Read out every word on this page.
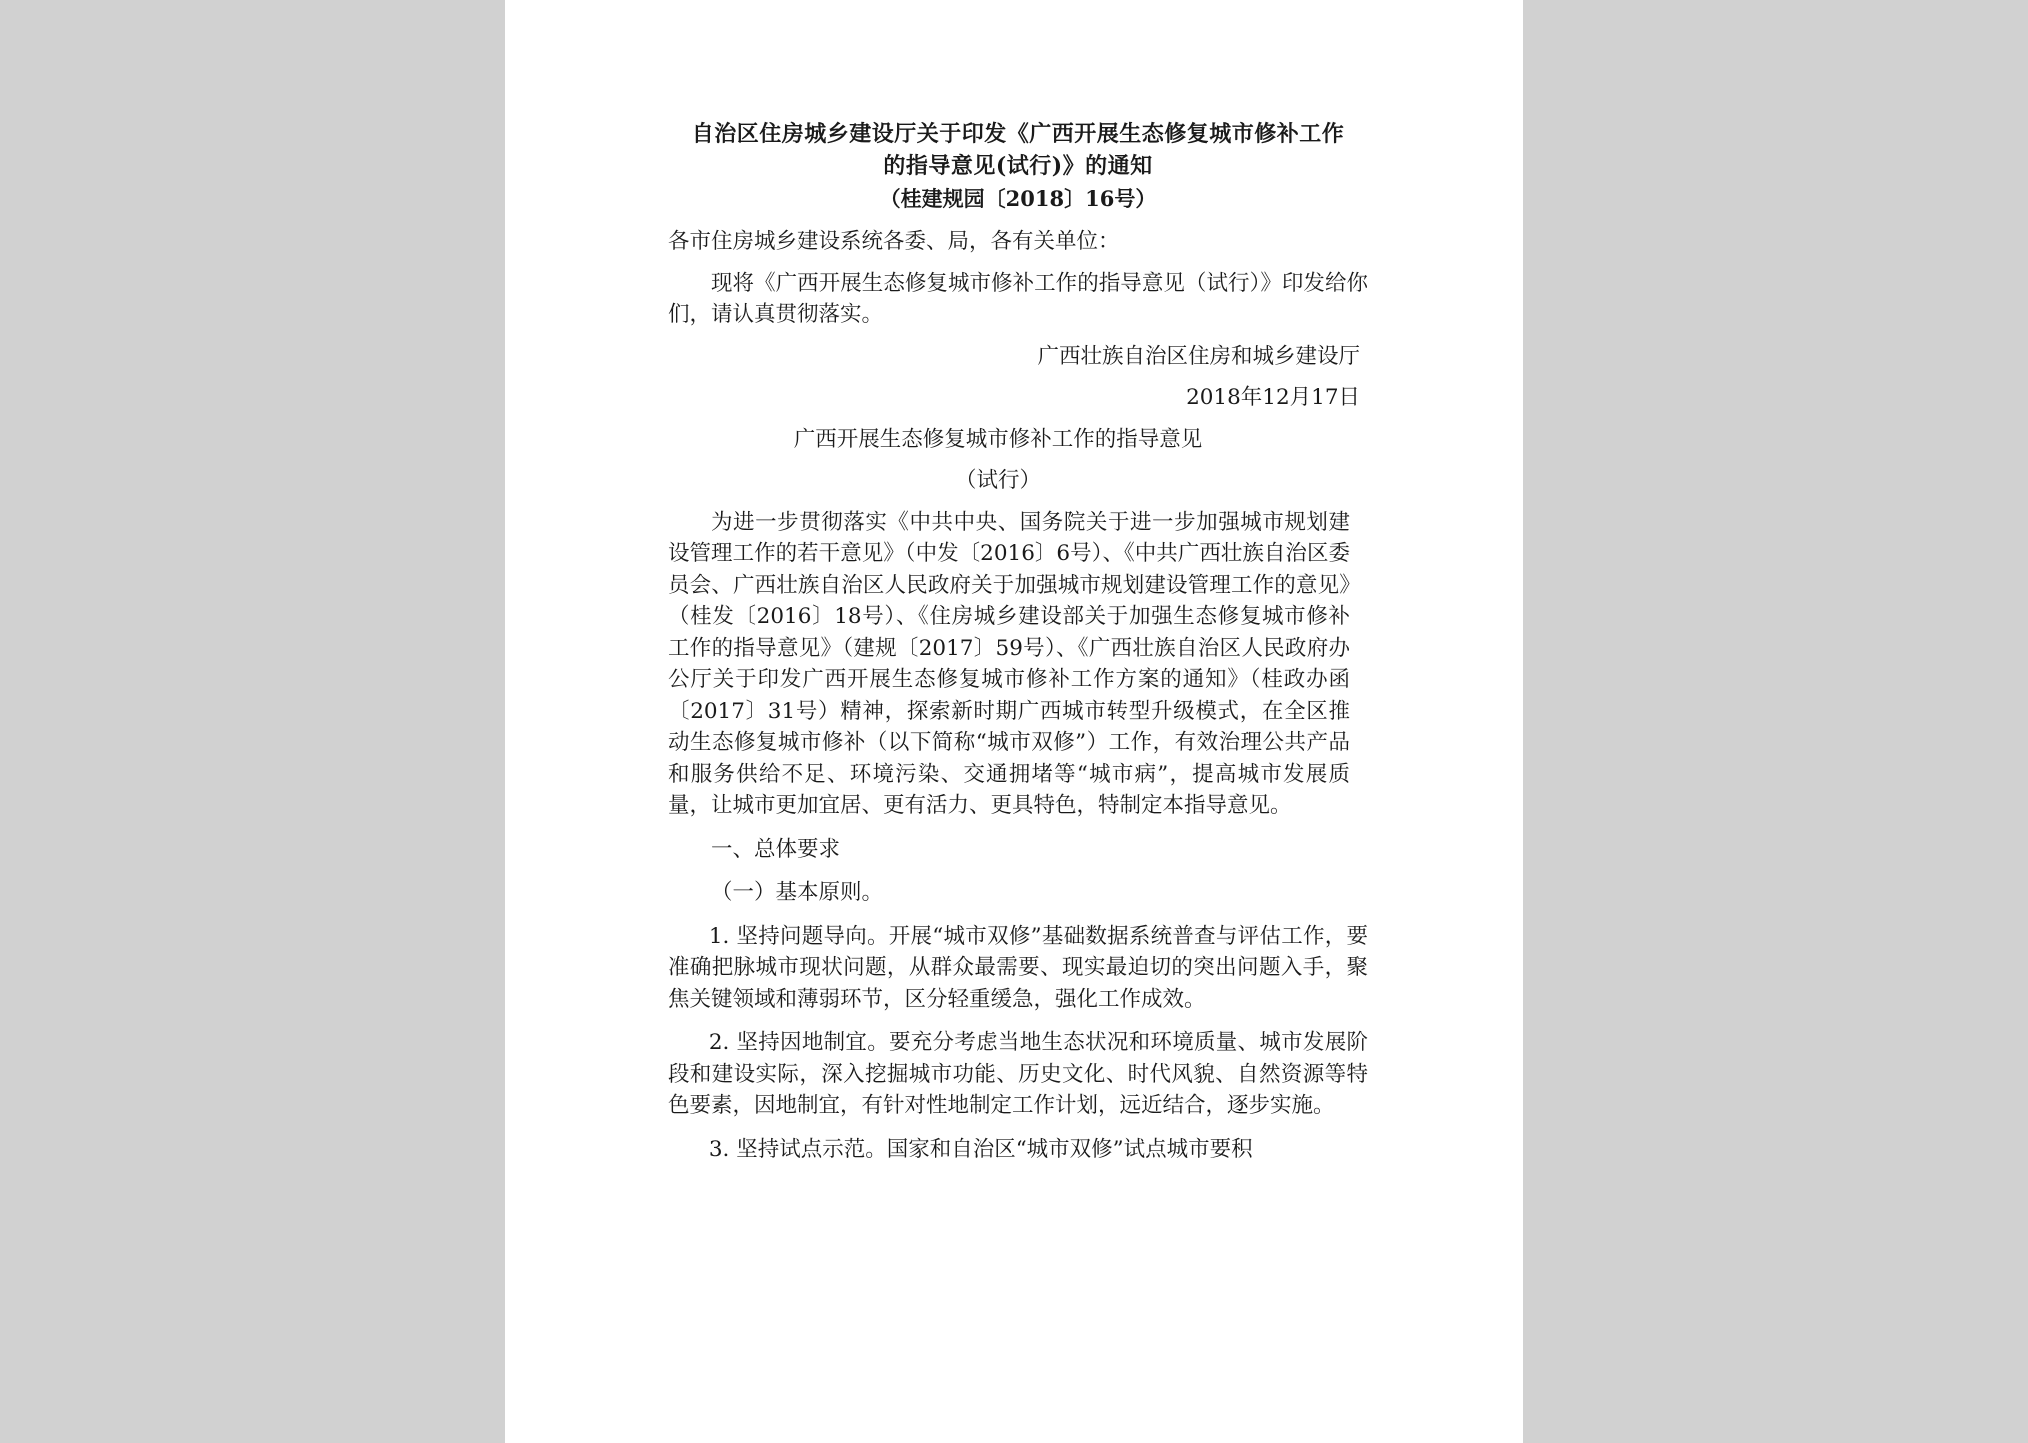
自治区住房城乡建设厅关于印发《广西开展生态修复城市修补工作
的指导意见(试行)》的通知
（桂建规园〔2018〕16号）

各市住房城乡建设系统各委、局，各有关单位：

现将《广西开展生态修复城市修补工作的指导意见（试行）》印发给你们，请认真贯彻落实。

广西壮族自治区住房和城乡建设厅

2018年12月17日

广西开展生态修复城市修补工作的指导意见

（试行）

为进一步贯彻落实《中共中央、国务院关于进一步加强城市规划建设管理工作的若干意见》（中发〔2016〕6号）、《中共广西壮族自治区委员会、广西壮族自治区人民政府关于加强城市规划建设管理工作的意见》（桂发〔2016〕18号）、《住房城乡建设部关于加强生态修复城市修补工作的指导意见》（建规〔2017〕59号）、《广西壮族自治区人民政府办公厅关于印发广西开展生态修复城市修补工作方案的通知》（桂政办函〔2017〕31号）精神，探索新时期广西城市转型升级模式，在全区推动生态修复城市修补（以下简称“城市双修”）工作，有效治理公共产品和服务供给不足、环境污染、交通拥堵等“城市病”，提高城市发展质量，让城市更加宜居、更有活力、更具特色，特制定本指导意见。

一、总体要求

（一）基本原则。

1. 坚持问题导向。开展“城市双修”基础数据系统普查与评估工作，要准确把脉城市现状问题，从群众最需要、现实最迫切的突出问题入手，聚焦关键领域和薄弱环节，区分轻重缓急，强化工作成效。

2. 坚持因地制宜。要充分考虑当地生态状况和环境质量、城市发展阶段和建设实际，深入挖掘城市功能、历史文化、时代风貌、自然资源等特色要素，因地制宜，有针对性地制定工作计划，远近结合，逐步实施。

3. 坚持试点示范。国家和自治区“城市双修”试点城市要积
